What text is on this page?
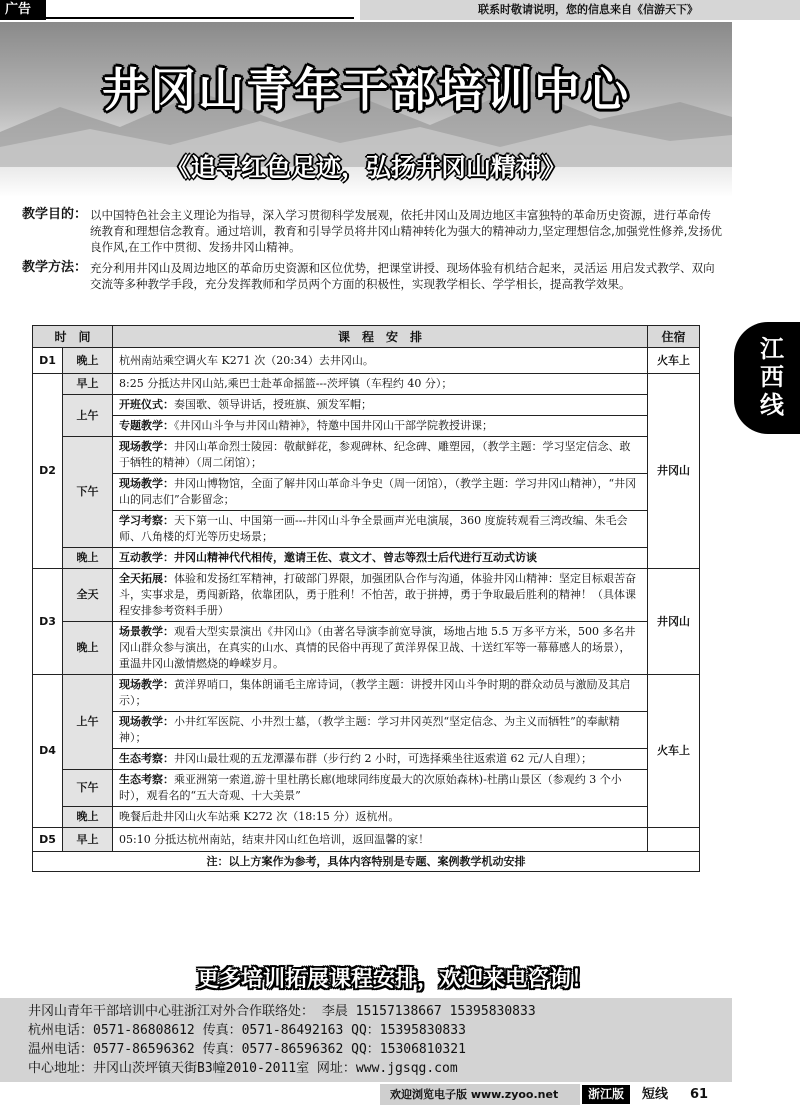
广告	联系时敬请说明，您的信息来自《信游天下》
井冈山青年干部培训中心
《追寻红色足迹，弘扬井冈山精神》
教学目的： 以中国特色社会主义理论为指导，深入学习贯彻科学发展观，依托井冈山及周边地区丰富独特的革命历史资源，进行革命传统教育和理想信念教育。通过培训，教育和引导学员将井冈山精神转化为强大的精神动力,坚定理想信念,加强党性修养,发扬优良作风,在工作中贯彻、发扬井冈山精神。
教学方法： 充分利用井冈山及周边地区的革命历史资源和区位优势，把课堂讲授、现场体验有机结合起来，灵活运 用启发式教学、双向交流等多种教学手段，充分发挥教师和学员两个方面的积极性，实现教学相长、学学相长，提高教学效果。
江
西
线
时　间		课　程　安　排	住宿
D1	晚上	杭州南站乘空调火车 K271 次（20:34）去井冈山。	火车上
D2	早上	8:25 分抵达井冈山站,乘巴士赴革命摇篮---茨坪镇（车程约 40 分）；	井冈山
	上午	开班仪式：奏国歌、领导讲话，授班旗、颁发军帽；	
		专题教学：《井冈山斗争与井冈山精神》，特邀中国井冈山干部学院教授讲课；	
	下午	现场教学：井冈山革命烈士陵园：敬献鲜花，参观碑林、纪念碑、雕塑园，（教学主题：学习坚定信念、敢于牺牲的精神）（周二闭馆）；	
		现场教学：井冈山博物馆，全面了解井冈山革命斗争史（周一闭馆），（教学主题：学习井冈山精神），“井冈山的同志们”合影留念；	
		学习考察：天下第一山、中国第一画---井冈山斗争全景画声光电演展，360 度旋转观看三湾改编、朱毛会师、八角楼的灯光等历史场景；	
	晚上	互动教学：井冈山精神代代相传，邀请王佐、袁文才、曾志等烈士后代进行互动式访谈	
D3	全天	全天拓展：体验和发扬红军精神，打破部门界限，加强团队合作与沟通，体验井冈山精神：坚定目标艰苦奋斗，实事求是，勇闯新路，依靠团队，勇于胜利！不怕苦，敢于拼搏，勇于争取最后胜利的精神！（具体课程安排参考资料手册）	井冈山
	晚上	场景教学：观看大型实景演出《井冈山》（由著名导演李前宽导演，场地占地 5.5 万多平方米，500 多名井冈山群众参与演出，在真实的山水、真情的民俗中再现了黄洋界保卫战、十送红军等一幕幕感人的场景），重温井冈山激情燃烧的峥嵘岁月。	
D4	上午	现场教学：黄洋界哨口，集体朗诵毛主席诗词，（教学主题：讲授井冈山斗争时期的群众动员与激励及其启示）；	火车上
		现场教学：小井红军医院、小井烈士墓，（教学主题：学习井冈英烈“坚定信念、为主义而牺牲”的奉献精神）；	
		生态考察：井冈山最壮观的五龙潭瀑布群（步行约 2 小时，可选择乘坐往返索道 62 元/人自理）；	
	下午	生态考察：乘亚洲第一索道,游十里杜鹃长廊(地球同纬度最大的次原始森林)-杜鹃山景区（参观约 3 个小时），观看名的“五大奇观、十大美景”	
	晚上	晚餐后赴井冈山火车站乘 K272 次（18:15 分）返杭州。	
D5	早上	05:10 分抵达杭州南站，结束井冈山红色培训，返回温馨的家！	
注：以上方案作为参考，具体内容特别是专题、案例教学机动安排			
更多培训拓展课程安排，欢迎来电咨询！
井冈山青年干部培训中心驻浙江对外合作联络处： 李晨 15157138667 15395830833
杭州电话：0571-86808612 传真：0571-86492163 QQ：15395830833
温州电话：0577-86596362 传真：0577-86596362 QQ：15306810321
中心地址：井冈山茨坪镇天街B3幢2010-2011室 网址：www.jgsqg.com
欢迎浏览电子版 www.zyoo.net	浙江版	短线 61
